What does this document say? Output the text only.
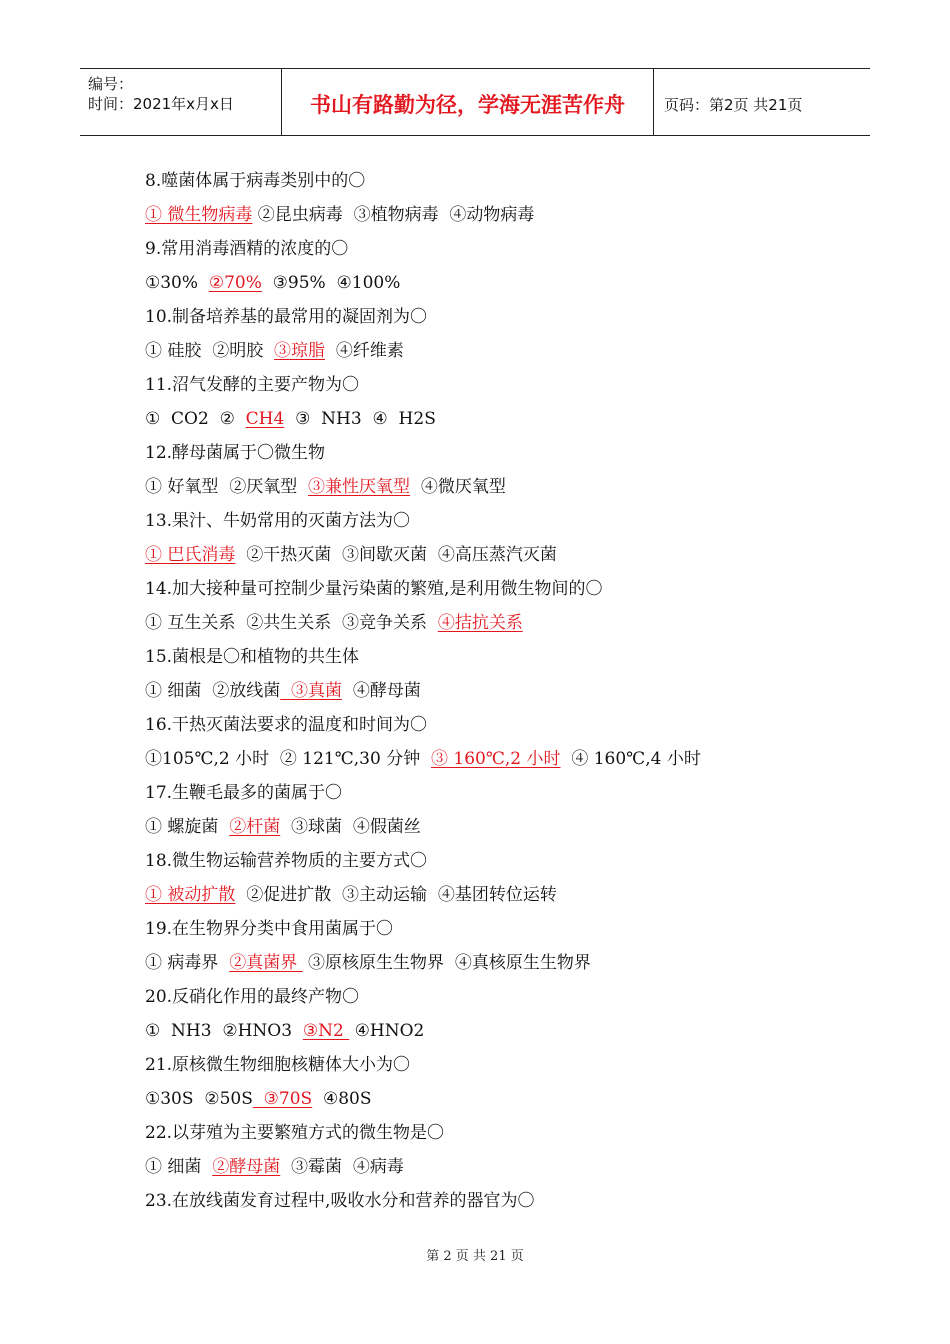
编号：
时间：2021年x月x日	书山有路勤为径，学海无涯苦作舟	页码：第2页 共21页
8.噬菌体属于病毒类别中的〇
① 微生物病毒 ②昆虫病毒  ③植物病毒  ④动物病毒
9.常用消毒酒精的浓度的〇
①30%  ②70%  ③95%  ④100%
10.制备培养基的最常用的凝固剂为〇
① 硅胶  ②明胶  ③琼脂  ④纤维素
11.沼气发酵的主要产物为〇
①  CO2  ②  CH4  ③  NH3  ④  H2S
12.酵母菌属于〇微生物
① 好氧型  ②厌氧型  ③兼性厌氧型  ④微厌氧型
13.果汁、牛奶常用的灭菌方法为〇
① 巴氏消毒  ②干热灭菌  ③间歇灭菌  ④高压蒸汽灭菌
14.加大接种量可控制少量污染菌的繁殖,是利用微生物间的〇
① 互生关系  ②共生关系  ③竞争关系  ④拮抗关系
15.菌根是〇和植物的共生体
① 细菌  ②放线菌  ③真菌  ④酵母菌
16.干热灭菌法要求的温度和时间为〇
①105℃,2 小时  ② 121℃,30 分钟  ③ 160℃,2 小时  ④ 160℃,4 小时
17.生鞭毛最多的菌属于〇
① 螺旋菌  ②杆菌  ③球菌  ④假菌丝
18.微生物运输营养物质的主要方式〇
① 被动扩散  ②促进扩散  ③主动运输  ④基团转位运转
19.在生物界分类中食用菌属于〇
① 病毒界  ②真菌界  ③原核原生生物界  ④真核原生生物界
20.反硝化作用的最终产物〇
①  NH3  ②HNO3  ③N2  ④HNO2
21.原核微生物细胞核糖体大小为〇
①30S  ②50S  ③70S  ④80S
22.以芽殖为主要繁殖方式的微生物是〇
① 细菌  ②酵母菌  ③霉菌  ④病毒
23.在放线菌发育过程中,吸收水分和营养的器官为〇
第 2 页 共 21 页
